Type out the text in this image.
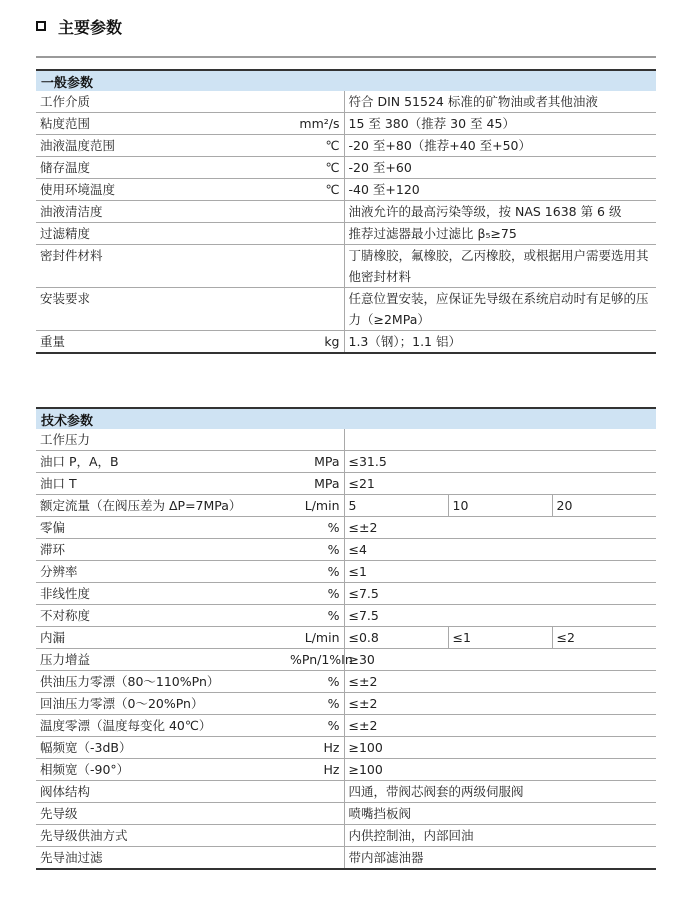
主要参数
一般参数
工作介质		符合 DIN 51524 标准的矿物油或者其他油液
粘度范围	mm²/s	15 至 380（推荐 30 至 45）
油液温度范围	℃	-20 至+80（推荐+40 至+50）
储存温度	℃	-20 至+60
使用环境温度	℃	-40 至+120
油液清洁度		油液允许的最高污染等级，按 NAS 1638 第 6 级
过滤精度		推荐过滤器最小过滤比 β₅≥75
密封件材料		丁腈橡胶，氟橡胶，乙丙橡胶，或根据用户需要选用其他密封材料
安装要求		任意位置安装，应保证先导级在系统启动时有足够的压力（≥2MPa）
重量	kg	1.3（钢）；1.1 铝）
技术参数
工作压力				
油口 P，A，B	MPa	≤31.5		
油口 T	MPa	≤21		
额定流量（在阀压差为 ΔP=7MPa）	L/min	5	10	20
零偏	%	≤±2		
滞环	%	≤4		
分辨率	%	≤1		
非线性度	%	≤7.5		
不对称度	%	≤7.5		
内漏	L/min	≤0.8	≤1	≤2
压力增益	%Pn/1%In	≥30		
供油压力零漂（80～110%Pn）	%	≤±2		
回油压力零漂（0～20%Pn）	%	≤±2		
温度零漂（温度每变化 40℃）	%	≤±2		
幅频宽（-3dB）	Hz	≥100		
相频宽（-90°）	Hz	≥100		
阀体结构		四通，带阀芯阀套的两级伺服阀		
先导级		喷嘴挡板阀		
先导级供油方式		内供控制油，内部回油		
先导油过滤		带内部滤油器		
